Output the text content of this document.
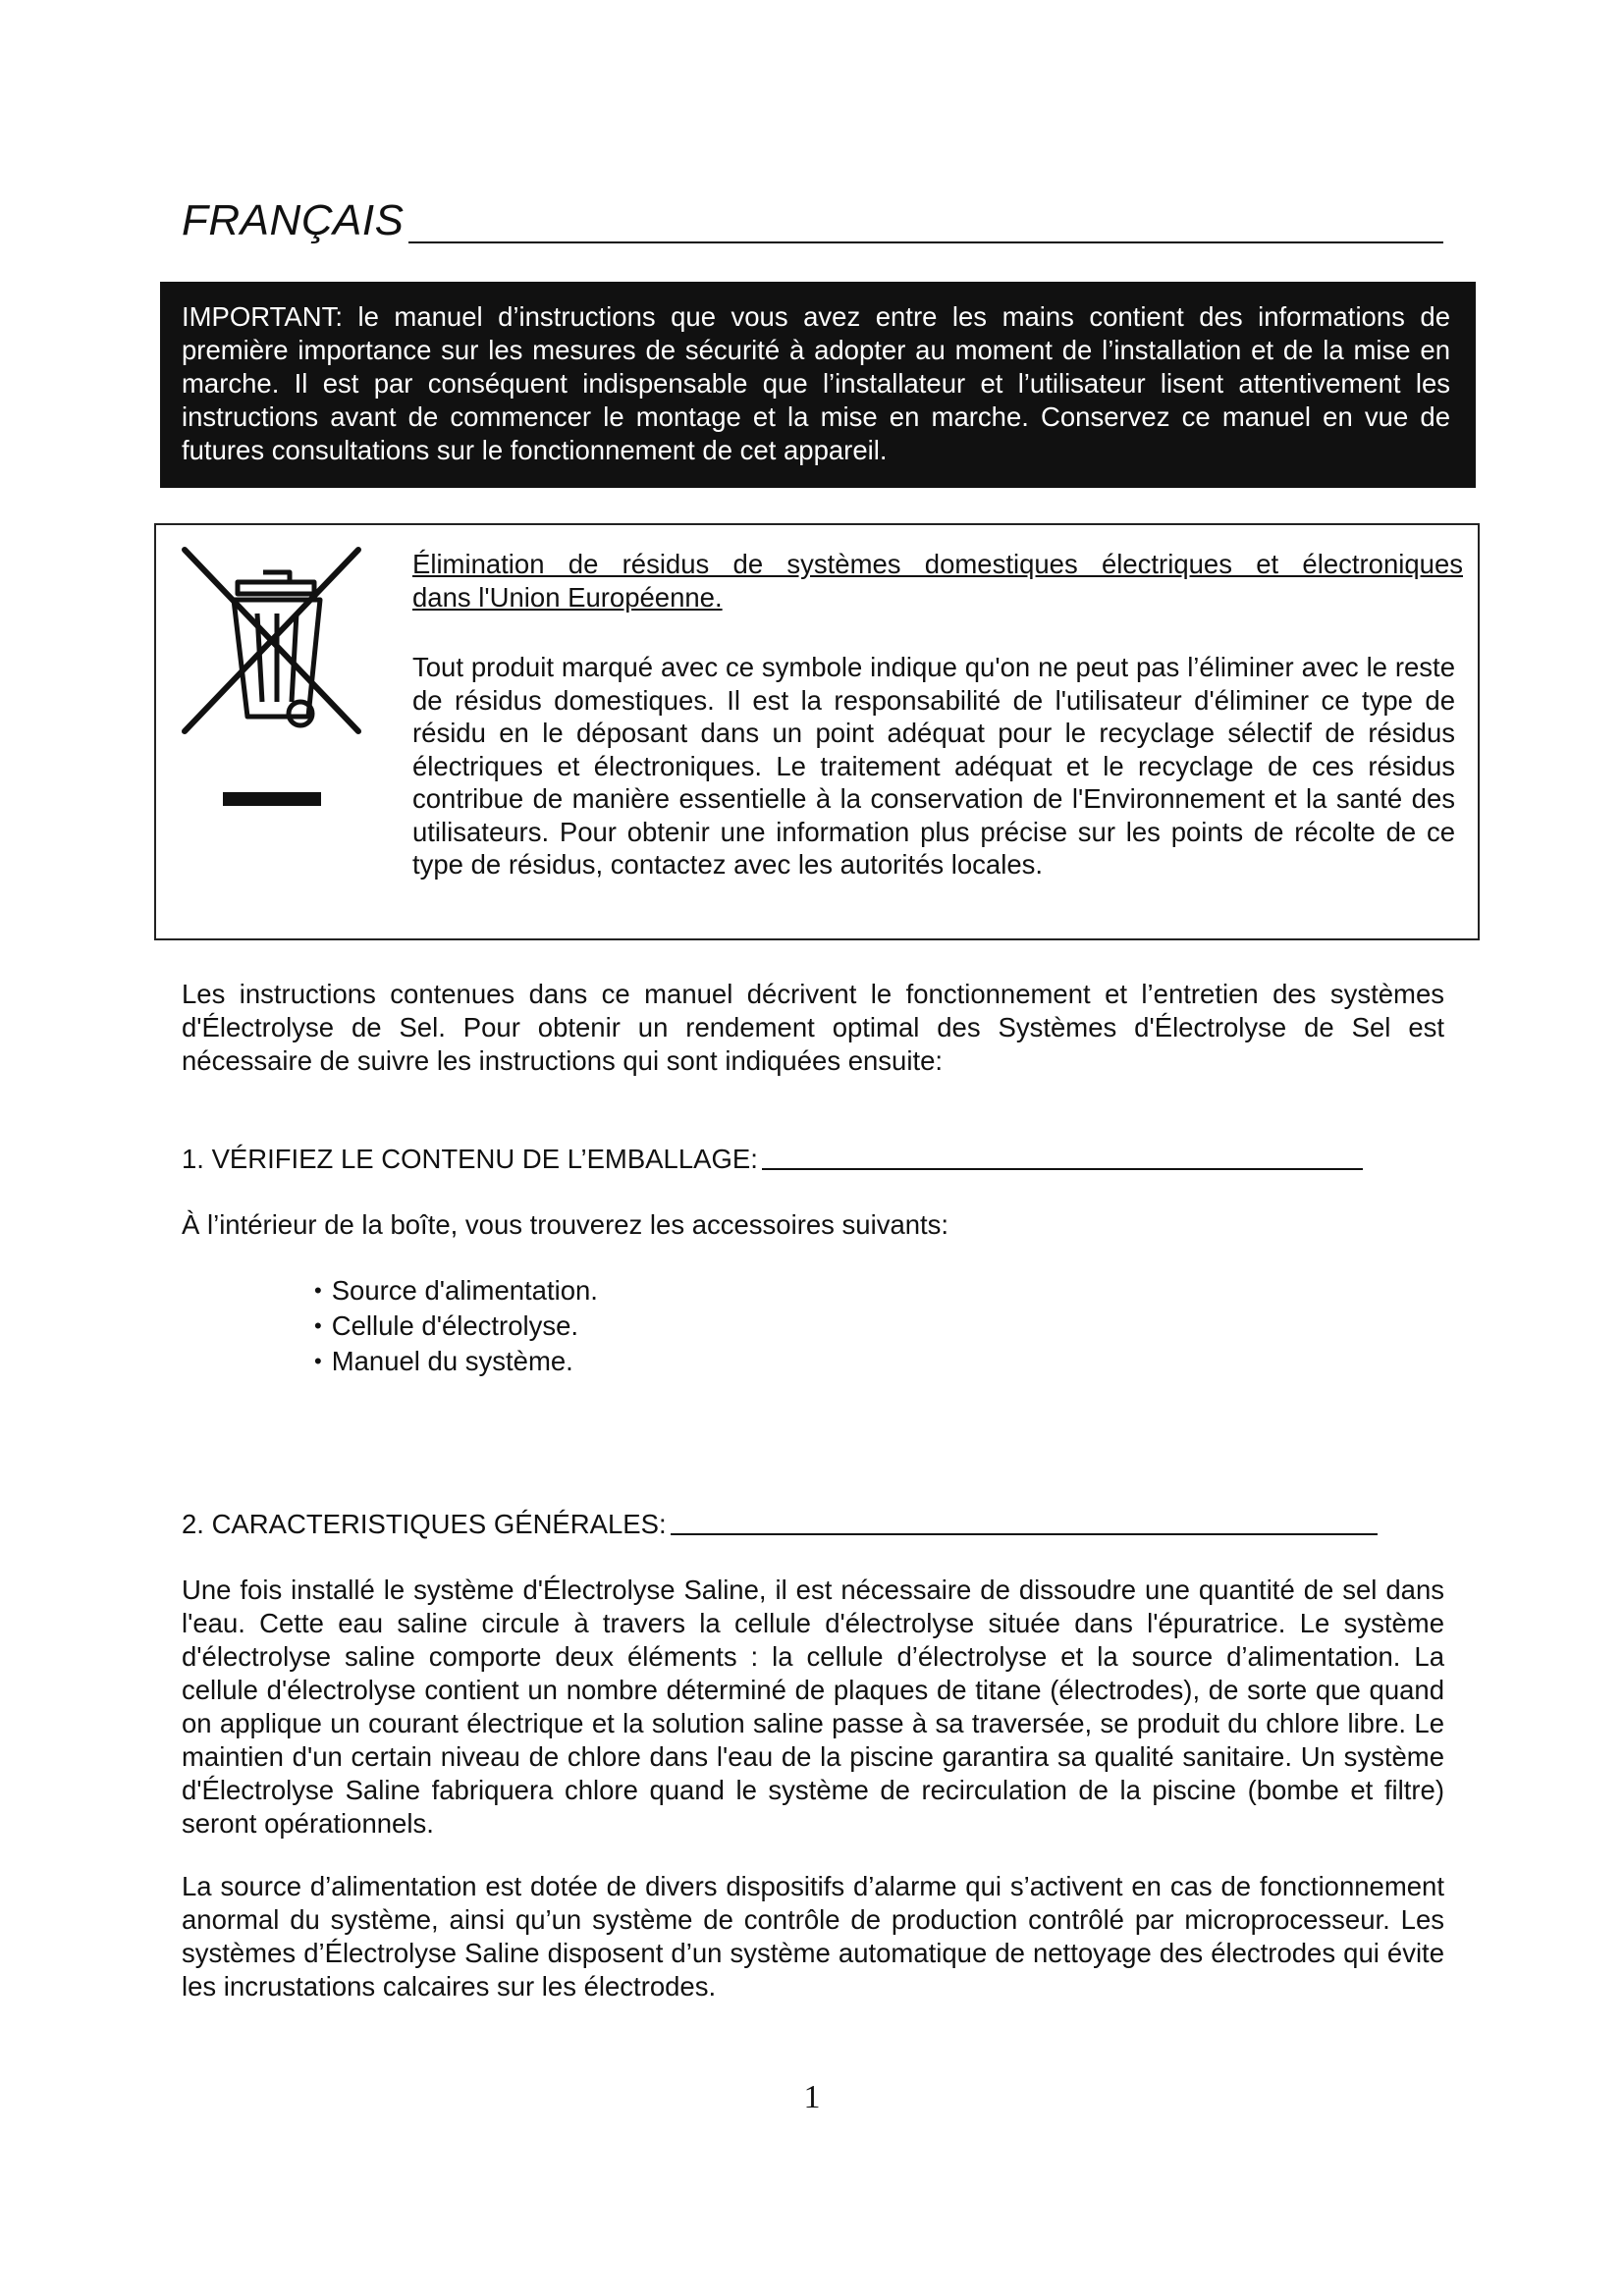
FRANÇAIS
IMPORTANT: le manuel d’instructions que vous avez entre les mains contient des informations de première importance sur les mesures de sécurité à adopter au moment de l’installation et de la mise en marche. Il est par conséquent indispensable que l’installateur et l’utilisateur lisent attentivement les instructions avant de commencer le montage et la mise en marche. Conservez ce manuel en vue de futures consultations sur le fonctionnement de cet appareil.
Élimination de résidus de systèmes domestiques électriques et électroniques
dans l'Union Européenne.
Tout produit marqué avec ce symbole indique qu'on ne peut pas l’éliminer avec le reste de résidus domestiques. Il est la responsabilité de l'utilisateur d'éliminer ce type de résidu en le déposant dans un point adéquat pour le recyclage sélectif de résidus électriques et électroniques. Le traitement adéquat et le recyclage de ces résidus contribue de manière essentielle à la conservation de l'Environnement et la santé des utilisateurs. Pour obtenir une information plus précise sur les points de récolte de ce type de résidus, contactez avec les autorités locales.
Les instructions contenues dans ce manuel décrivent le fonctionnement et l’entretien des systèmes d'Électrolyse de Sel. Pour obtenir un rendement optimal des Systèmes d'Électrolyse de Sel est nécessaire de suivre les instructions qui sont indiquées ensuite:
1. VÉRIFIEZ LE CONTENU DE L’EMBALLAGE:
À l’intérieur de la boîte, vous trouverez les accessoires suivants:
• Source d'alimentation.
• Cellule d'électrolyse.
• Manuel du système.
2. CARACTERISTIQUES GÉNÉRALES:
Une fois installé le système d'Électrolyse Saline, il est nécessaire de dissoudre une quantité de sel dans l'eau. Cette eau saline circule à travers la cellule d'électrolyse située dans l'épuratrice. Le système d'électrolyse saline comporte deux éléments : la cellule d’électrolyse et la source d’alimentation. La cellule d'électrolyse contient un nombre déterminé de plaques de titane (électrodes), de sorte que quand on applique un courant électrique et la solution saline passe à sa traversée, se produit du chlore libre. Le maintien d'un certain niveau de chlore dans l'eau de la piscine garantira sa qualité sanitaire. Un système d'Électrolyse Saline fabriquera chlore quand le système de recirculation de la piscine (bombe et filtre) seront opérationnels.
La source d’alimentation est dotée de divers dispositifs d’alarme qui s’activent en cas de fonctionnement anormal du système, ainsi qu’un système de contrôle de production contrôlé par microprocesseur. Les systèmes d’Électrolyse Saline disposent d’un système automatique de nettoyage des électrodes qui évite les incrustations calcaires sur les électrodes.
1
